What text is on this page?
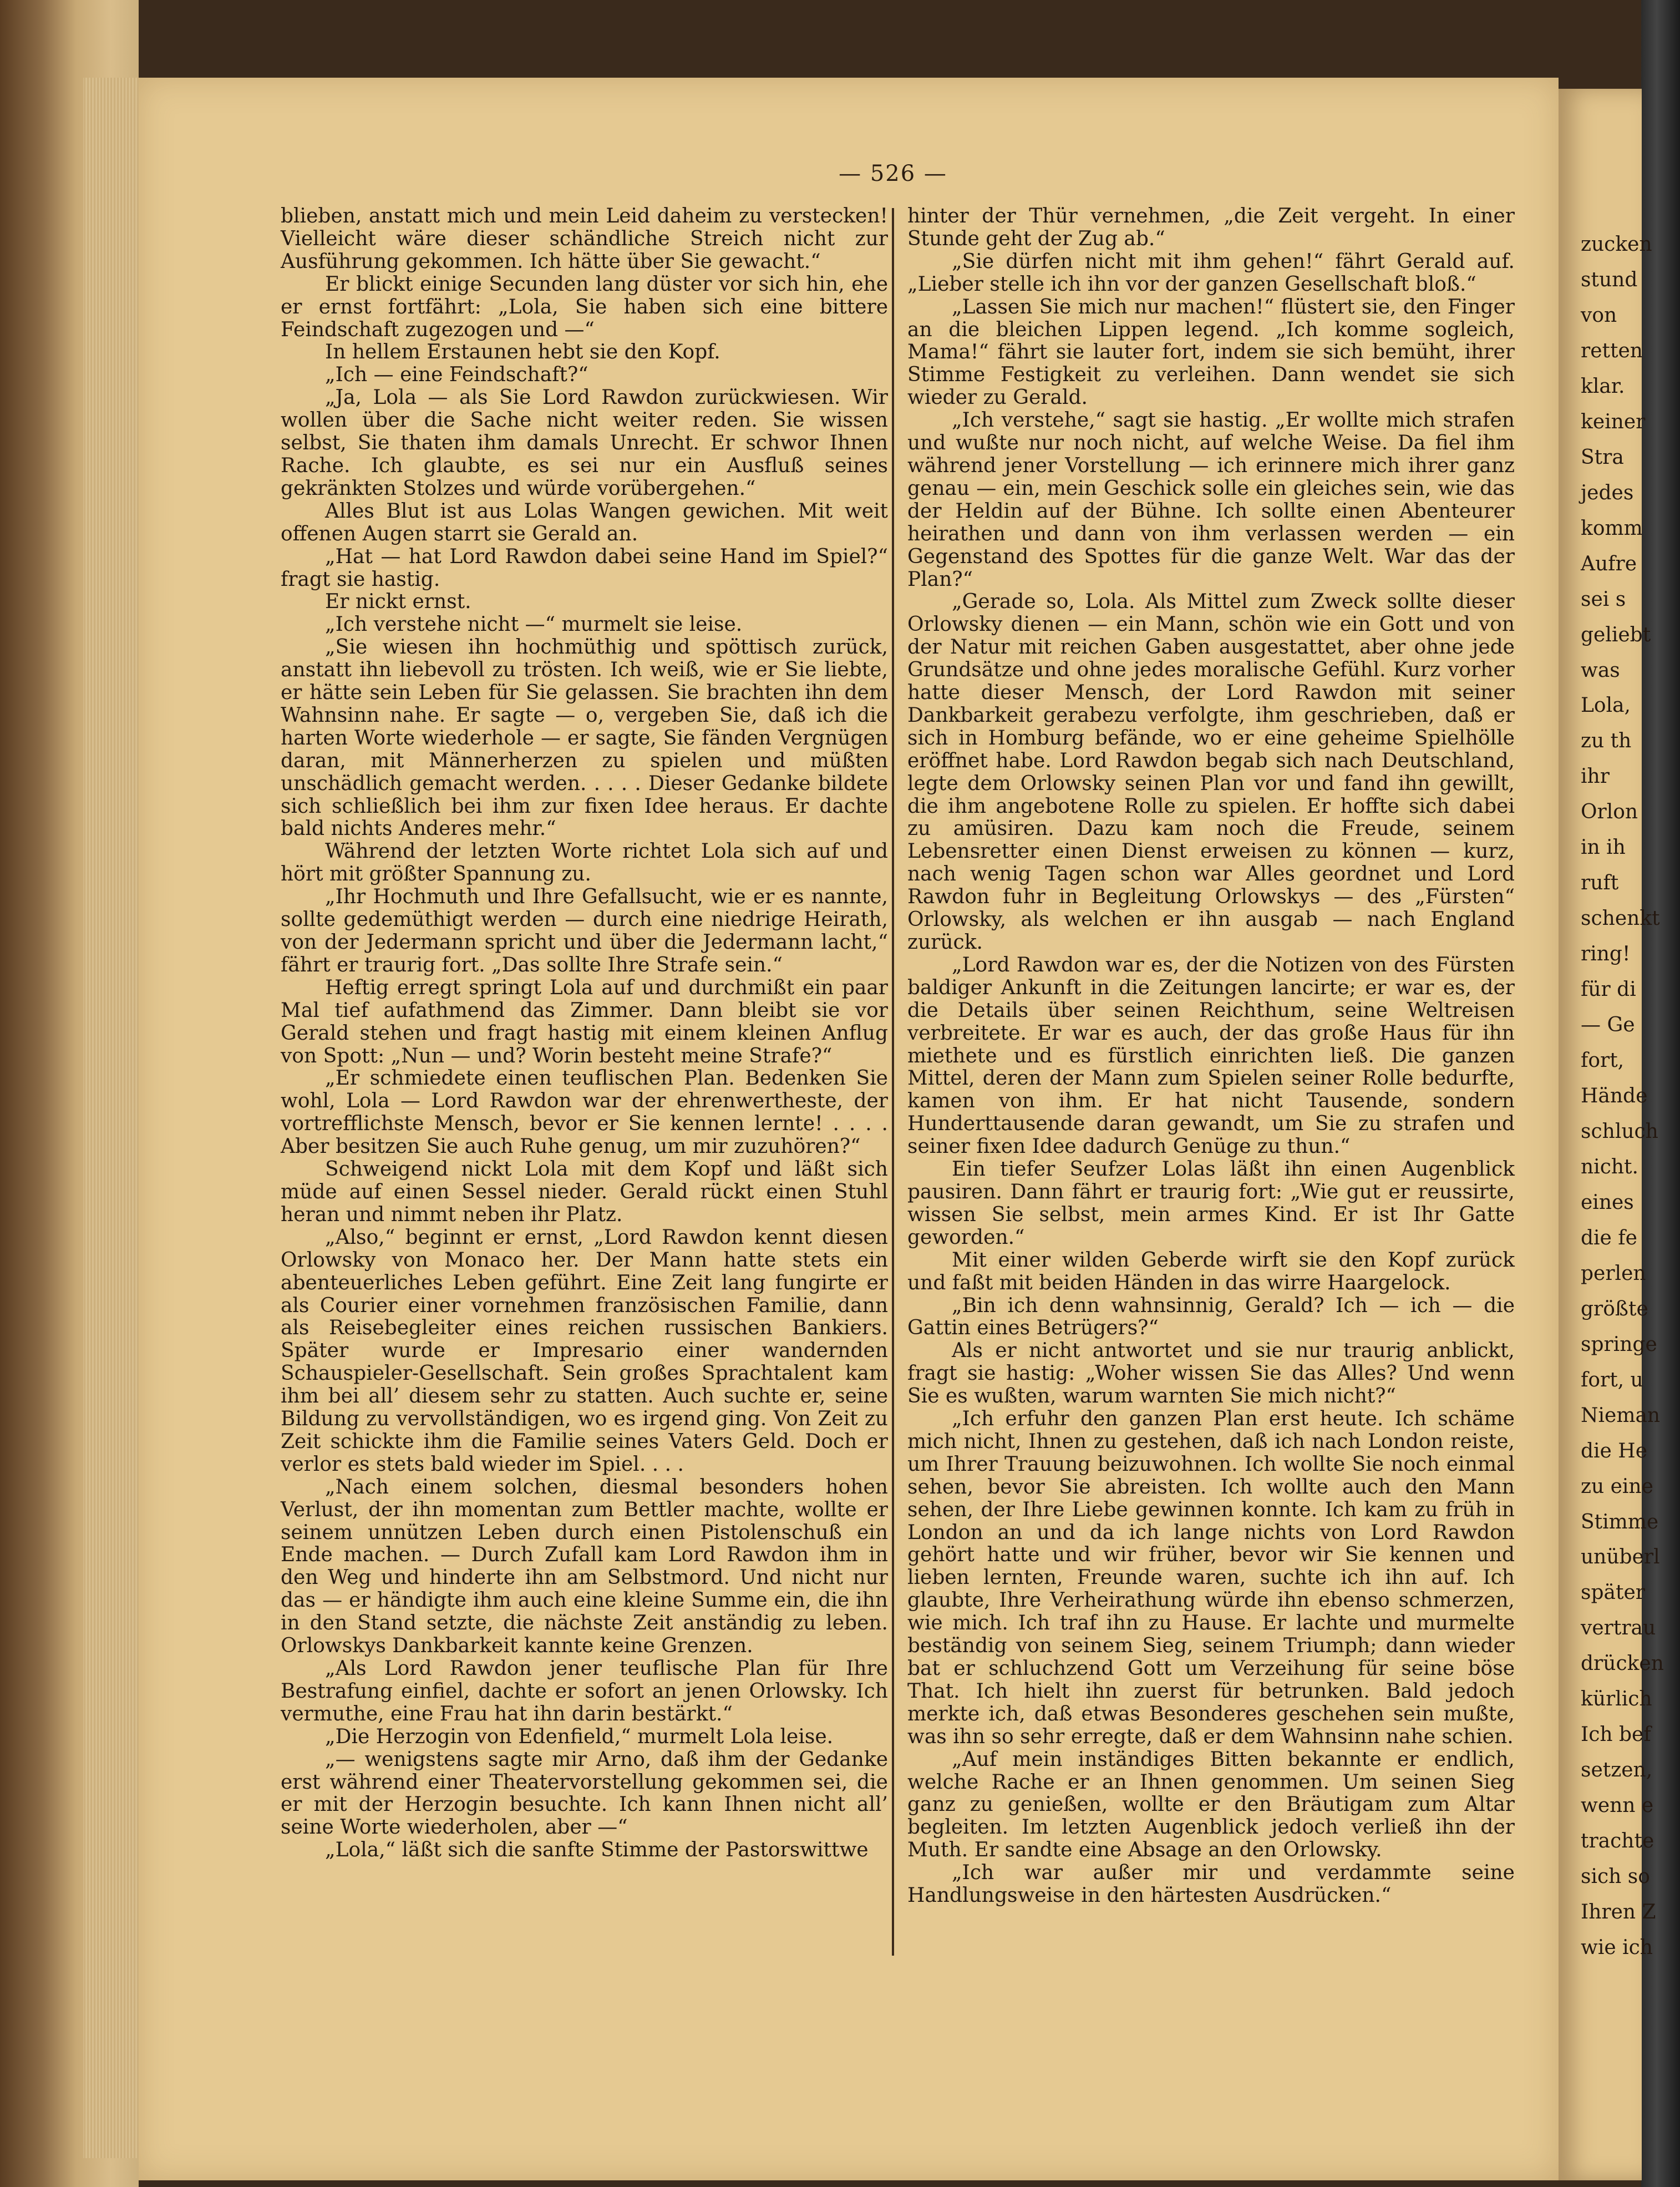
zucken
stund
von
retten
klar.
keiner
Stra
jedes
komm
Aufre
sei s
geliebt
was
Lola,
zu th
ihr
Orlon
in ih
ruft
schenkt
ring!
für di
— Ge
fort,
Hände
schluch
nicht.
eines
die fe
perlen
größte
springe
fort, u
Nieman
die He
zu eine
Stimme
unüberl
später
vertrau
drücken
kürlich
Ich bef
setzen,
wenn e
trachte
sich so
Ihren Z
wie ich
— 526 —

blieben, anstatt mich und mein Leid daheim zu verstecken! Vielleicht wäre dieser schändliche Streich nicht zur Ausführung gekommen. Ich hätte über Sie gewacht.“

Er blickt einige Secunden lang düster vor sich hin, ehe er ernst fortfährt: „Lola, Sie haben sich eine bittere Feindschaft zugezogen und —“

In hellem Erstaunen hebt sie den Kopf.

„Ich — eine Feindschaft?“

„Ja, Lola — als Sie Lord Rawdon zurückwiesen. Wir wollen über die Sache nicht weiter reden. Sie wissen selbst, Sie thaten ihm damals Unrecht. Er schwor Ihnen Rache. Ich glaubte, es sei nur ein Ausfluß seines gekränkten Stolzes und würde vorübergehen.“

Alles Blut ist aus Lolas Wangen gewichen. Mit weit offenen Augen starrt sie Gerald an.

„Hat — hat Lord Rawdon dabei seine Hand im Spiel?“ fragt sie hastig.

Er nickt ernst.

„Ich verstehe nicht —“ murmelt sie leise.

„Sie wiesen ihn hochmüthig und spöttisch zurück, anstatt ihn liebevoll zu trösten. Ich weiß, wie er Sie liebte, er hätte sein Leben für Sie gelassen. Sie brachten ihn dem Wahnsinn nahe. Er sagte — o, vergeben Sie, daß ich die harten Worte wiederhole — er sagte, Sie fänden Vergnügen daran, mit Männerherzen zu spielen und müßten unschädlich gemacht werden. . . . . Dieser Gedanke bildete sich schließlich bei ihm zur fixen Idee heraus. Er dachte bald nichts Anderes mehr.“

Während der letzten Worte richtet Lola sich auf und hört mit größter Spannung zu.

„Ihr Hochmuth und Ihre Gefallsucht, wie er es nannte, sollte gedemüthigt werden — durch eine niedrige Heirath, von der Jedermann spricht und über die Jedermann lacht,“ fährt er traurig fort. „Das sollte Ihre Strafe sein.“

Heftig erregt springt Lola auf und durchmißt ein paar Mal tief aufathmend das Zimmer. Dann bleibt sie vor Gerald stehen und fragt hastig mit einem kleinen Anflug von Spott: „Nun — und? Worin besteht meine Strafe?“

„Er schmiedete einen teuflischen Plan. Bedenken Sie wohl, Lola — Lord Rawdon war der ehrenwertheste, der vortrefflichste Mensch, bevor er Sie kennen lernte! . . . . Aber besitzen Sie auch Ruhe genug, um mir zuzuhören?“

Schweigend nickt Lola mit dem Kopf und läßt sich müde auf einen Sessel nieder. Gerald rückt einen Stuhl heran und nimmt neben ihr Platz.

„Also,“ beginnt er ernst, „Lord Rawdon kennt diesen Orlowsky von Monaco her. Der Mann hatte stets ein abenteuerliches Leben geführt. Eine Zeit lang fungirte er als Courier einer vornehmen französischen Familie, dann als Reisebegleiter eines reichen russischen Bankiers. Später wurde er Impresario einer wandernden Schauspieler-Gesellschaft. Sein großes Sprachtalent kam ihm bei all’ diesem sehr zu statten. Auch suchte er, seine Bildung zu vervollständigen, wo es irgend ging. Von Zeit zu Zeit schickte ihm die Familie seines Vaters Geld. Doch er verlor es stets bald wieder im Spiel. . . .

„Nach einem solchen, diesmal besonders hohen Verlust, der ihn momentan zum Bettler machte, wollte er seinem unnützen Leben durch einen Pistolenschuß ein Ende machen. — Durch Zufall kam Lord Rawdon ihm in den Weg und hinderte ihn am Selbstmord. Und nicht nur das — er händigte ihm auch eine kleine Summe ein, die ihn in den Stand setzte, die nächste Zeit anständig zu leben. Orlowskys Dankbarkeit kannte keine Grenzen.

„Als Lord Rawdon jener teuflische Plan für Ihre Bestrafung einfiel, dachte er sofort an jenen Orlowsky. Ich vermuthe, eine Frau hat ihn darin bestärkt.“

„Die Herzogin von Edenfield,“ murmelt Lola leise.

„— wenigstens sagte mir Arno, daß ihm der Gedanke erst während einer Theatervorstellung gekommen sei, die er mit der Herzogin besuchte. Ich kann Ihnen nicht all’ seine Worte wiederholen, aber —“

„Lola,“ läßt sich die sanfte Stimme der Pastorswittwe

hinter der Thür vernehmen, „die Zeit vergeht. In einer Stunde geht der Zug ab.“

„Sie dürfen nicht mit ihm gehen!“ fährt Gerald auf. „Lieber stelle ich ihn vor der ganzen Gesellschaft bloß.“

„Lassen Sie mich nur machen!“ flüstert sie, den Finger an die bleichen Lippen legend. „Ich komme sogleich, Mama!“ fährt sie lauter fort, indem sie sich bemüht, ihrer Stimme Festigkeit zu verleihen. Dann wendet sie sich wieder zu Gerald.

„Ich verstehe,“ sagt sie hastig. „Er wollte mich strafen und wußte nur noch nicht, auf welche Weise. Da fiel ihm während jener Vorstellung — ich erinnere mich ihrer ganz genau — ein, mein Geschick solle ein gleiches sein, wie das der Heldin auf der Bühne. Ich sollte einen Abenteurer heirathen und dann von ihm verlassen werden — ein Gegenstand des Spottes für die ganze Welt. War das der Plan?“

„Gerade so, Lola. Als Mittel zum Zweck sollte dieser Orlowsky dienen — ein Mann, schön wie ein Gott und von der Natur mit reichen Gaben ausgestattet, aber ohne jede Grundsätze und ohne jedes moralische Gefühl. Kurz vorher hatte dieser Mensch, der Lord Rawdon mit seiner Dankbarkeit gerabezu verfolgte, ihm geschrieben, daß er sich in Homburg befände, wo er eine geheime Spielhölle eröffnet habe. Lord Rawdon begab sich nach Deutschland, legte dem Orlowsky seinen Plan vor und fand ihn gewillt, die ihm angebotene Rolle zu spielen. Er hoffte sich dabei zu amüsiren. Dazu kam noch die Freude, seinem Lebensretter einen Dienst erweisen zu können — kurz, nach wenig Tagen schon war Alles geordnet und Lord Rawdon fuhr in Begleitung Orlowskys — des „Fürsten“ Orlowsky, als welchen er ihn ausgab — nach England zurück.

„Lord Rawdon war es, der die Notizen von des Fürsten baldiger Ankunft in die Zeitungen lancirte; er war es, der die Details über seinen Reichthum, seine Weltreisen verbreitete. Er war es auch, der das große Haus für ihn miethete und es fürstlich einrichten ließ. Die ganzen Mittel, deren der Mann zum Spielen seiner Rolle bedurfte, kamen von ihm. Er hat nicht Tausende, sondern Hunderttausende daran gewandt, um Sie zu strafen und seiner fixen Idee dadurch Genüge zu thun.“

Ein tiefer Seufzer Lolas läßt ihn einen Augenblick pausiren. Dann fährt er traurig fort: „Wie gut er reussirte, wissen Sie selbst, mein armes Kind. Er ist Ihr Gatte geworden.“

Mit einer wilden Geberde wirft sie den Kopf zurück und faßt mit beiden Händen in das wirre Haargelock.

„Bin ich denn wahnsinnig, Gerald? Ich — ich — die Gattin eines Betrügers?“

Als er nicht antwortet und sie nur traurig anblickt, fragt sie hastig: „Woher wissen Sie das Alles? Und wenn Sie es wußten, warum warnten Sie mich nicht?“

„Ich erfuhr den ganzen Plan erst heute. Ich schäme mich nicht, Ihnen zu gestehen, daß ich nach London reiste, um Ihrer Trauung beizuwohnen. Ich wollte Sie noch einmal sehen, bevor Sie abreisten. Ich wollte auch den Mann sehen, der Ihre Liebe gewinnen konnte. Ich kam zu früh in London an und da ich lange nichts von Lord Rawdon gehört hatte und wir früher, bevor wir Sie kennen und lieben lernten, Freunde waren, suchte ich ihn auf. Ich glaubte, Ihre Verheirathung würde ihn ebenso schmerzen, wie mich. Ich traf ihn zu Hause. Er lachte und murmelte beständig von seinem Sieg, seinem Triumph; dann wieder bat er schluchzend Gott um Verzeihung für seine böse That. Ich hielt ihn zuerst für betrunken. Bald jedoch merkte ich, daß etwas Besonderes geschehen sein mußte, was ihn so sehr erregte, daß er dem Wahnsinn nahe schien.

„Auf mein inständiges Bitten bekannte er endlich, welche Rache er an Ihnen genommen. Um seinen Sieg ganz zu genießen, wollte er den Bräutigam zum Altar begleiten. Im letzten Augenblick jedoch verließ ihn der Muth. Er sandte eine Absage an den Orlowsky.

„Ich war außer mir und verdammte seine Handlungsweise in den härtesten Ausdrücken.“
